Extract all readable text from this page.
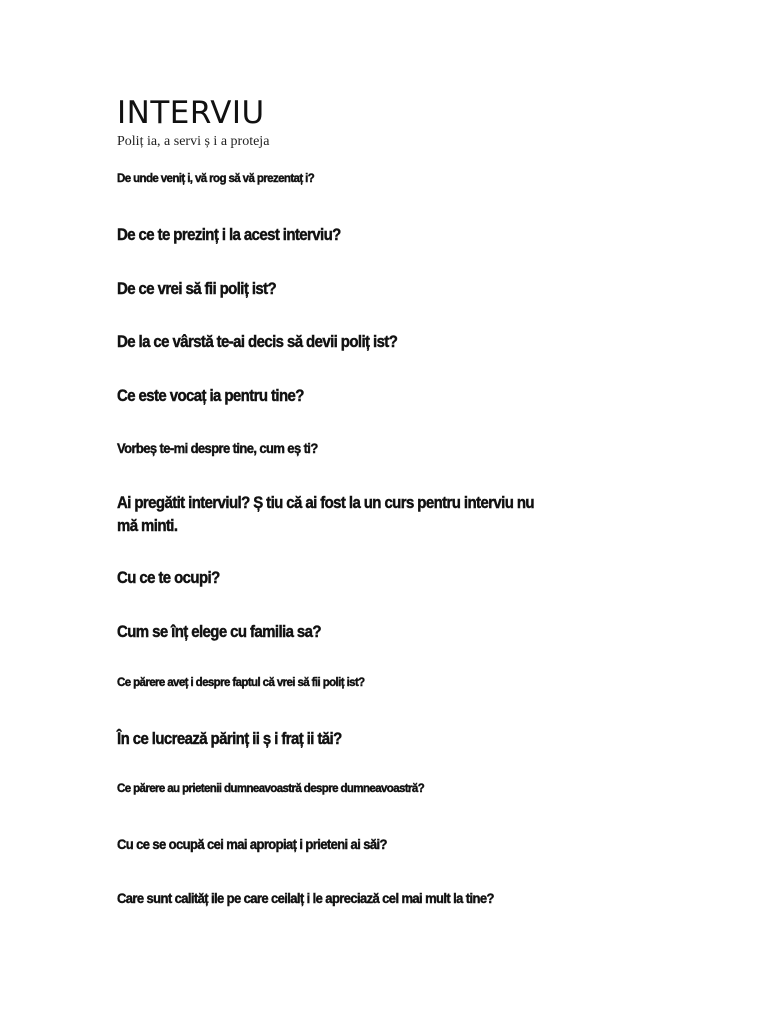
INTERVIU

Poliț ia, a servi ș i a proteja

De unde veniț i, vă rog să vă prezentaț i?

De ce te prezinț i la acest interviu?

De ce vrei să fii poliț ist?

De la ce vârstă te-ai decis să devii poliț ist?

Ce este vocaț ia pentru tine?

Vorbeș te-mi despre tine, cum eș ti?

Ai pregătit interviul? Ș tiu că ai fost la un curs pentru interviu nu mă minti.

Cu ce te ocupi?

Cum se înț elege cu familia sa?

Ce părere aveț i despre faptul că vrei să fii poliț ist?

În ce lucrează părinț ii ș i fraț ii tăi?

Ce părere au prietenii dumneavoastră despre dumneavoastră?

Cu ce se ocupă cei mai apropiaț i prieteni ai săi?

Care sunt calităț ile pe care ceilalț i le apreciază cel mai mult la tine?
